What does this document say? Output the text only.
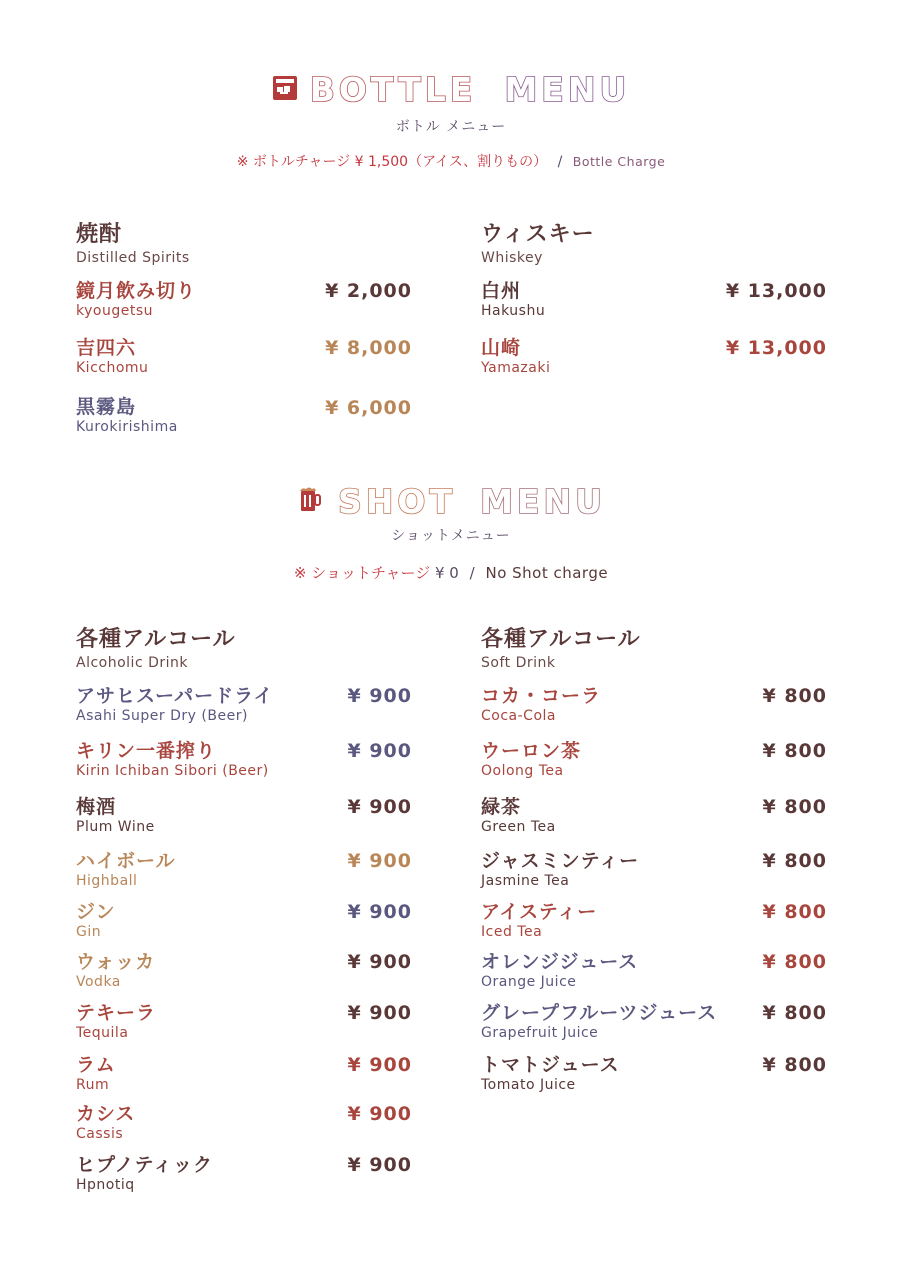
BOTTLE MENU
ボトル メニュー
※ ボトルチャージ ¥ 1,500（アイス、割りもの） / Bottle Charge
焼酎
Distilled Spirits
鏡月飲み切り
kyougetsu
¥ 2,000
吉四六
Kicchomu
¥ 8,000
黒霧島
Kurokirishima
¥ 6,000
ウィスキー
Whiskey
白州
Hakushu
¥ 13,000
山崎
Yamazaki
¥ 13,000
SHOT MENU
ショットメニュー
※ ショットチャージ ¥ 0 / No Shot charge
各種アルコール
Alcoholic Drink
アサヒスーパードライ
Asahi Super Dry (Beer)
¥ 900
キリン一番搾り
Kirin Ichiban Sibori (Beer)
¥ 900
梅酒
Plum Wine
¥ 900
ハイボール
Highball
¥ 900
ジン
Gin
¥ 900
ウォッカ
Vodka
¥ 900
テキーラ
Tequila
¥ 900
ラム
Rum
¥ 900
カシス
Cassis
¥ 900
ヒプノティック
Hpnotiq
¥ 900
各種アルコール
Soft Drink
コカ・コーラ
Coca-Cola
¥ 800
ウーロン茶
Oolong Tea
¥ 800
緑茶
Green Tea
¥ 800
ジャスミンティー
Jasmine Tea
¥ 800
アイスティー
Iced Tea
¥ 800
オレンジジュース
Orange Juice
¥ 800
グレープフルーツジュース
Grapefruit Juice
¥ 800
トマトジュース
Tomato Juice
¥ 800
